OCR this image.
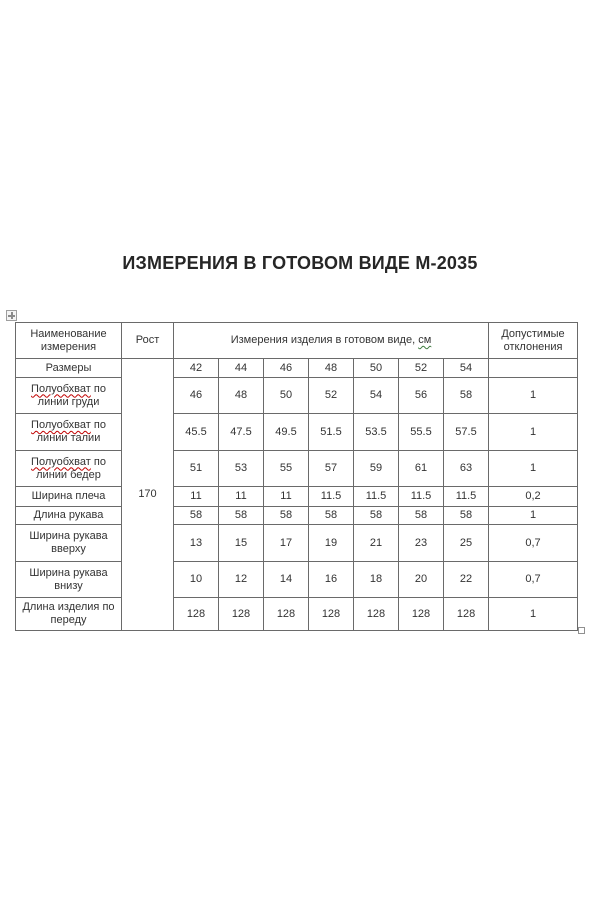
ИЗМЕРЕНИЯ В ГОТОВОМ ВИДЕ М-2035
Наименование измерения	Рост	Измерения изделия в готовом виде, см							Допустимые отклонения
Размеры	170	42	44	46	48	50	52	54	
Полуобхват по линии груди		46	48	50	52	54	56	58	1
Полуобхват по линии талии		45.5	47.5	49.5	51.5	53.5	55.5	57.5	1
Полуобхват по линии бедер		51	53	55	57	59	61	63	1
Ширина плеча		11	11	11	11.5	11.5	11.5	11.5	0,2
Длина рукава		58	58	58	58	58	58	58	1
Ширина рукава вверху		13	15	17	19	21	23	25	0,7
Ширина рукава внизу		10	12	14	16	18	20	22	0,7
Длина изделия по переду		128	128	128	128	128	128	128	1
